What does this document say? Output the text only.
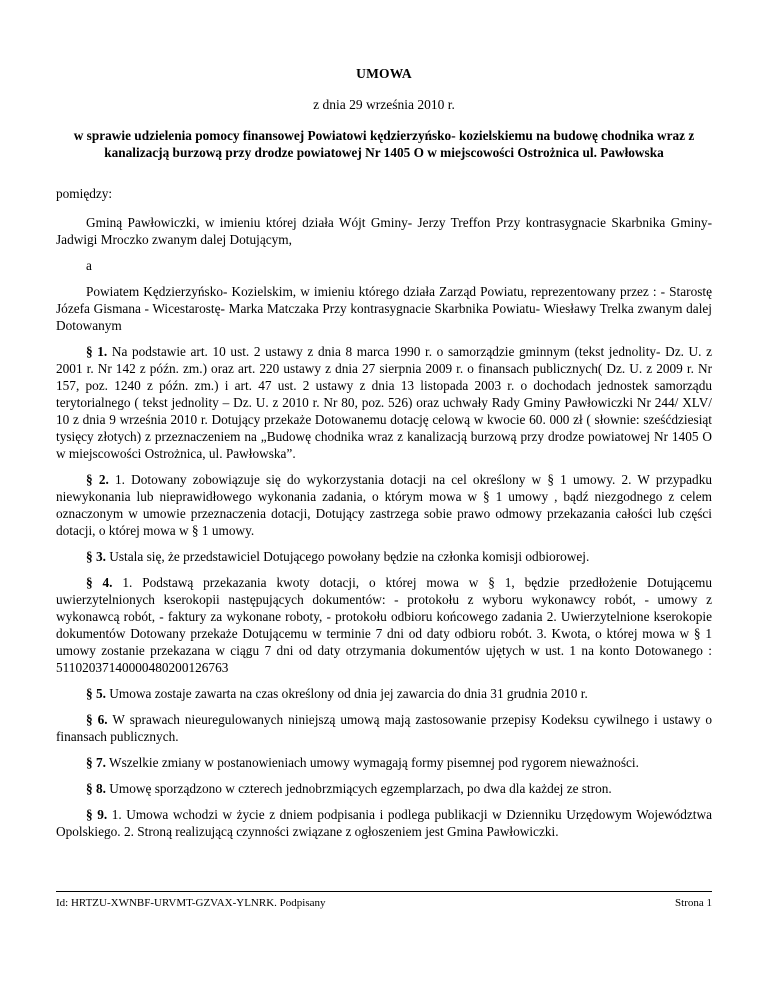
UMOWA
z dnia 29 września 2010 r.
w sprawie udzielenia pomocy finansowej Powiatowi kędzierzyńsko- kozielskiemu na budowę chodnika wraz z kanalizacją burzową przy drodze powiatowej Nr 1405 O w miejscowości Ostrożnica ul. Pawłowska

pomiędzy:

Gminą Pawłowiczki, w imieniu której działa Wójt Gminy- Jerzy Treffon Przy kontrasygnacie Skarbnika Gminy- Jadwigi Mroczko zwanym dalej Dotującym,

a

Powiatem Kędzierzyńsko- Kozielskim, w imieniu którego działa Zarząd Powiatu, reprezentowany przez : - Starostę Józefa Gismana - Wicestarostę- Marka Matczaka Przy kontrasygnacie Skarbnika Powiatu- Wiesławy Trelka zwanym dalej Dotowanym

§ 1. Na podstawie art. 10 ust. 2 ustawy z dnia 8 marca 1990 r. o samorządzie gminnym (tekst jednolity- Dz. U. z 2001 r. Nr 142 z późn. zm.) oraz art. 220 ustawy z dnia 27 sierpnia 2009 r. o finansach publicznych( Dz. U. z 2009 r. Nr 157, poz. 1240 z późn. zm.) i art. 47 ust. 2 ustawy z dnia 13 listopada 2003 r. o dochodach jednostek samorządu terytorialnego ( tekst jednolity – Dz. U. z 2010 r. Nr 80, poz. 526) oraz uchwały Rady Gminy Pawłowiczki Nr 244/ XLV/ 10 z dnia 9 września 2010 r. Dotujący przekaże Dotowanemu dotację celową w kwocie 60. 000 zł ( słownie: sześćdziesiąt tysięcy złotych) z przeznaczeniem na „Budowę chodnika wraz z kanalizacją burzową przy drodze powiatowej Nr 1405 O w miejscowości Ostrożnica, ul. Pawłowska”.

§ 2. 1. Dotowany zobowiązuje się do wykorzystania dotacji na cel określony w § 1 umowy. 2. W przypadku niewykonania lub nieprawidłowego wykonania zadania, o którym mowa w § 1 umowy , bądź niezgodnego z celem oznaczonym w umowie przeznaczenia dotacji, Dotujący zastrzega sobie prawo odmowy przekazania całości lub części dotacji, o której mowa w § 1 umowy.

§ 3. Ustala się, że przedstawiciel Dotującego powołany będzie na członka komisji odbiorowej.

§ 4. 1. Podstawą przekazania kwoty dotacji, o której mowa w § 1, będzie przedłożenie Dotującemu uwierzytelnionych kserokopii następujących dokumentów: - protokołu z wyboru wykonawcy robót, - umowy z wykonawcą robót, - faktury za wykonane roboty, - protokołu odbioru końcowego zadania 2. Uwierzytelnione kserokopie dokumentów Dotowany przekaże Dotującemu w terminie 7 dni od daty odbioru robót. 3. Kwota, o której mowa w § 1 umowy zostanie przekazana w ciągu 7 dni od daty otrzymania dokumentów ujętych w ust. 1 na konto Dotowanego : 51102037140000480200126763

§ 5. Umowa zostaje zawarta na czas określony od dnia jej zawarcia do dnia 31 grudnia 2010 r.

§ 6. W sprawach nieuregulowanych niniejszą umową mają zastosowanie przepisy Kodeksu cywilnego i ustawy o finansach publicznych.

§ 7. Wszelkie zmiany w postanowieniach umowy wymagają formy pisemnej pod rygorem nieważności.

§ 8. Umowę sporządzono w czterech jednobrzmiących egzemplarzach, po dwa dla każdej ze stron.

§ 9. 1. Umowa wchodzi w życie z dniem podpisania i podlega publikacji w Dzienniku Urzędowym Województwa Opolskiego. 2. Stroną realizującą czynności związane z ogłoszeniem jest Gmina Pawłowiczki.

Id: HRTZU-XWNBF-URVMT-GZVAX-YLNRK. Podpisany	Strona 1
